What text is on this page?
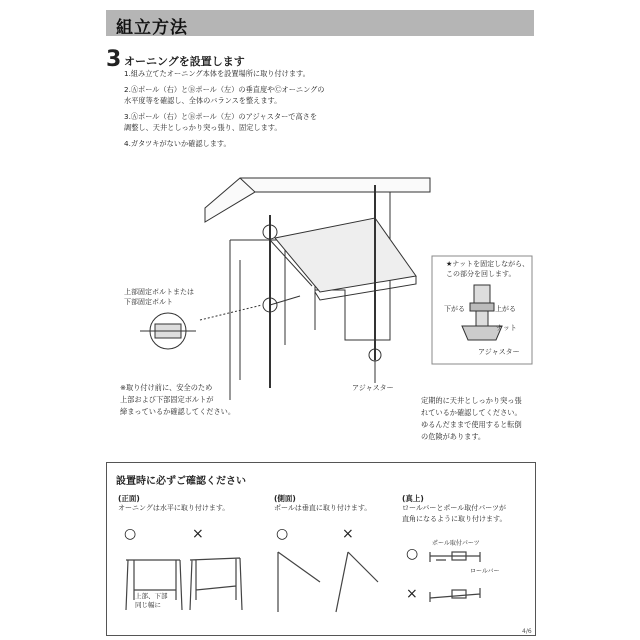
組立方法
3 オーニングを設置します
1.組み立てたオーニング本体を設置場所に取り付けます。
2.Ⓐポール（右）とⒷポール（左）の垂直度やⒸオーニングの
水平度等を確認し、全体のバランスを整えます。
3.Ⓐポール（右）とⒷポール（左）のアジャスターで高さを
調整し、天井としっかり突っ張り、固定します。
4.ガタツキがないか確認します。
上部固定ボルトまたは
下部固定ボルト
アジャスター
★ナットを固定しながら、
この部分を回します。
下がる	上がる
ナット
アジャスター
※取り付け前に、安全のため
上部および下部固定ボルトが
締まっているか確認してください。
定期的に天井としっかり突っ張
れているか確認してください。
ゆるんだままで使用すると転倒
の危険があります。
設置時に必ずご確認ください
(正面)
オーニングは水平に取り付けます。
上部、下部
同じ幅に
(側面)
ポールは垂直に取り付けます。
(真上)
ロールバーとポール取付パーツが
直角になるように取り付けます。
ポール取付パーツ
ロールバー
○	×	○	×
○
×
4/6
